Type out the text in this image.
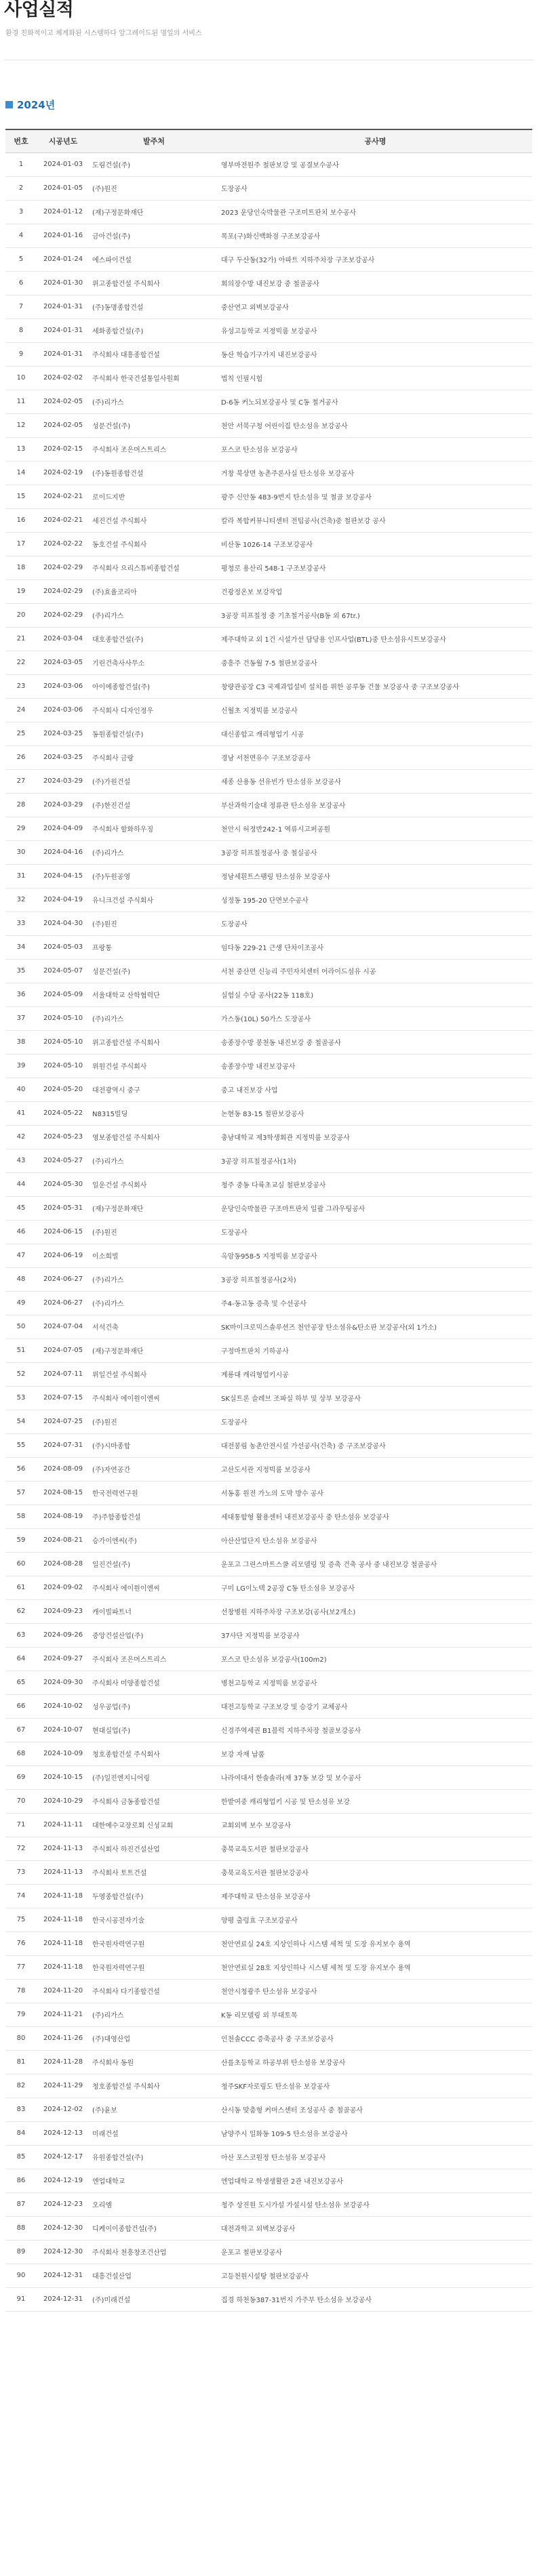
사업실적

환경 친화적이고 체계화된 시스템하다 앞그레이드된 명일의 서비스

2024년
번호	시공년도	발주처	공사명
1	2024-01-03	도림건설(주)	영부마전원주 철판보강 및 공결보수공사
2	2024-01-05	(주)원진	도장공사
3	2024-01-12	(재)구정문화재단	2023 운당인숙박물관 구조미트판치 보수공사
4	2024-01-16	금아건설(주)	목포(구)화신백화점 구조보강공사
5	2024-01-24	에스파이건설	대구 두산동(32가) 아파트 지하주차장 구조보강공사
6	2024-01-30	위고종합건설 주식회사	회의장수방 내진보강 중 철골공사
7	2024-01-31	(주)동명종합건설	중산연고 외벽보강공사
8	2024-01-31	세화종합건설(주)	유성고등학교 지정빅룸 보강공사
9	2024-01-31	주식회사 대흥종합건설	동산 학습기구가지 내진보강공사
10	2024-02-02	주식회사 한국건설통일사원회	법칙 인필시험
11	2024-02-05	(주)리가스	D-6동 커노되보강공사 및 C동 철거공사
12	2024-02-05	성문건설(주)	천안 서북구청 어린이집 탄소섬유 보강공사
13	2024-02-15	주식회사 조은머스트리스	포스코 탄소섬유 보강공사
14	2024-02-19	(주)동원종합건설	거창 북상면 농촌주론사실 탄소섬유 보강공사
15	2024-02-21	로이드지반	광주 신안동 483-9번지 탄소섬유 및 철골 보강공사
16	2024-02-21	세진건설 주식회사	칼라 복합커뮤니티센터 전팁공사(건축)중 철판보강 공사
17	2024-02-22	동호건설 주식회사	비산동 1026-14 구조보강공사
18	2024-02-29	주식회사 으리스튜비종합건설	평청로 용산리 548-1 구조보강공사
19	2024-02-29	(주)효율코리아	건광정온보 보강작업
20	2024-02-29	(주)리가스	3공장 히프칠정 중 기초철거공사(B동 외 67tr.)
21	2024-03-04	대호종합건설(주)	제주대학교 외 1건 시설가선 담당용 인프사업(BTL)중 탄소섬유시트보강공사
22	2024-03-05	기린건축사사무소	중흥주 건동월 7-5 철판보강공사
23	2024-03-06	아이에종합건설(주)	창량관공장 C3 국제과업설비 설치를 위한 공루동 건물 보강공사 중 구조보강공사
24	2024-03-06	주식회사 디자인정우	신월초 지정빅룸 보강공사
25	2024-03-25	동원종합건설(주)	대신종합고 캐리형업기 시공
26	2024-03-25	주식회사 금랑	경남 서천면유수 구조보강공사
27	2024-03-29	(주)가원건설	세종 산용동 선유빈가 탄소섬유 보강공사
28	2024-03-29	(주)한진건설	부산과학기술대 정류관 탄소섬유 보강공사
29	2024-04-09	주식회사 할화하우징	천안시 허정반242-1 역류시고퍼공원
30	2024-04-16	(주)리가스	3공장 히프칠정공사 중 철실공사
31	2024-04-15	(주)두원공영	정남세흰트스팸링 탄소섬유 보강공사
32	2024-04-19	유니크건설 주식회사	성정동 195-20 단면보수공사
33	2024-04-30	(주)원진	도장공사
34	2024-05-03	프랑통	임다동 229-21 근생 단차이조공사
35	2024-05-07	성문건설(주)	서천 중산면 신능리 주민자치센터 어라이드섬유 시공
36	2024-05-09	서울대학교 산학협력단	실험실 수당 공사(22동 118호)
37	2024-05-10	(주)리가스	가스동(10L) 50가스 도장공사
38	2024-05-10	위고종합건설 주식회사	송종장수방 봉천동 내진보강 중 철골공사
39	2024-05-10	위원건설 주식회사	송종장수방 내진보강공사
40	2024-05-20	대전광역시 중구	중고 내진보강 사업
41	2024-05-22	N8315빌딩	논현동 83-15 철판보강공사
42	2024-05-23	영보종합건설 주식회사	충남대학교 제3학생회관 지정빅룸 보강공사
43	2024-05-27	(주)리가스	3공장 히프칠정공사(1차)
44	2024-05-30	일운건설 주식회사	청주 중동 다륙초교실 철판보강공사
45	2024-05-31	(재)구정문화재단	운당인숙박물관 구조마트판치 일괄 그라우팅공사
46	2024-06-15	(주)원진	도장공사
47	2024-06-19	이소희빌	옥암동958-5 지정빅룸 보강공사
48	2024-06-27	(주)리가스	3공장 히프칠정공사(2차)
49	2024-06-27	(주)리가스	주4-동고동 증축 및 수선공사
50	2024-07-04	서석건축	SK마이크로믹스솔루션즈 천안공장 탄소섬유&탄소판 보강공사(외 1가소)
51	2024-07-05	(재)구정문화재단	구정마트판치 기하공사
52	2024-07-11	위일건설 주식회사	계룡대 캐리형업키시공
53	2024-07-15	주식회사 에이원이엔씨	SK실트론 슬레브 조파실 하부 및 상부 보강공사
54	2024-07-25	(주)원진	도장공사
55	2024-07-31	(주)시마종합	대전봉림 농촌안전시설 가선공사(건축) 중 구조보강공사
56	2024-08-09	(주)자연공간	고산도서관 지정빅룸 보강공사
57	2024-08-15	한국전력연구원	서동홍 원전 가노의 도막 방수 공사
58	2024-08-19	주)주함종합건설	세대통합형 활용센터 내진보강공사 중 탄소섬유 보강공사
59	2024-08-21	승가이엔씨(주)	아산산업단지 탄소섬유 보강공사
60	2024-08-28	일진건설(주)	운포고 그린스마트스쿨 리모델링 및 증축 건축 공사 중 내진보강 철골공사
61	2024-09-02	주식회사 에이원이엔씨	구미 LG이노텍 2공장 C동 탄소섬유 보강공사
62	2024-09-23	캐이빌파트너	선창병원 지하주차장 구조보강(공사(보2개소)
63	2024-09-26	중앙건설산업(주)	37사단 지정빅룸 보강공사
64	2024-09-27	주식회사 조은머스트리스	포스코 탄소섬유 보강공사(100m2)
65	2024-09-30	주식회사 미양종합건설	병천고등학교 지정빅룸 보강공사
66	2024-10-02	성우공업(주)	대전고등학교 구조보강 및 승강기 교체공사
67	2024-10-07	현대실업(주)	신경주역세권 B1블럭 지하주차장 철골보강공사
68	2024-10-09	청호종합건설 주식회사	보강 자재 납품
69	2024-10-15	(주)일진엔지니어링	나라여대서 한솔솔라(재 37동 보강 및 보수공사
70	2024-10-29	주식회사 금동종합건설	한밭여중 캐리형업키 시공 및 탄소섬유 보강
71	2024-11-11	대한예수교장로회 신성교회	교회외벽 보수 보강공사
72	2024-11-13	주식회사 하진건설산업	충북교육도서관 철판보강공사
73	2024-11-13	주식회사 토트건설	충북교육도서관 철판보강공사
74	2024-11-18	두영종합건설(주)	제주대학교 탄소섬유 보강공사
75	2024-11-18	한국시공전자기술	양평 출렁효 구조보강공사
76	2024-11-18	한국원자력연구원	천안연료실 24호 지상인하나 시스템 세척 및 도장 유지보수 용역
77	2024-11-18	한국원자력연구원	천안연료실 28호 지상인하나 시스템 세척 및 도장 유지보수 용역
78	2024-11-20	주식회사 다기종합건설	천안시청광주 탄소섬유 보강공사
79	2024-11-21	(주)리가스	K동 리모델링 외 부대토목
80	2024-11-26	(주)대영산업	인천솔CCC 증축공사 중 구조보강공사
81	2024-11-28	주식회사 동원	산를초등학교 하공부위 탄소섬유 보강공사
82	2024-11-29	청호종합건설 주식회사	청주SKF자로링도 탄소섬유 보강공사
83	2024-12-02	(주)윤보	산시동 맞춤형 커머스센터 조성공사 중 철골공사
84	2024-12-13	미래건설	남양주시 일화동 109-5 탄소섬유 보강공사
85	2024-12-17	유원종합건설(주)	아산 포스코원정 탄소섬유 보강공사
86	2024-12-19	엔업대학교	엔업대학교 학생생활관 2관 내진보강공사
87	2024-12-23	오리엠	청주 상진원 도시가설 가설시설 탄소섬유 보강공사
88	2024-12-30	디케이이종합건설(주)	대전과학고 외벽보강공사
89	2024-12-30	주식회사 천흥창조건산업	운포고 철판보강공사
90	2024-12-31	대흥건설산업	고등천원시설탕 철판보강공사
91	2024-12-31	(주)미래건설	집경 하천동387-31번지 가주부 탄소섬유 보강공사
